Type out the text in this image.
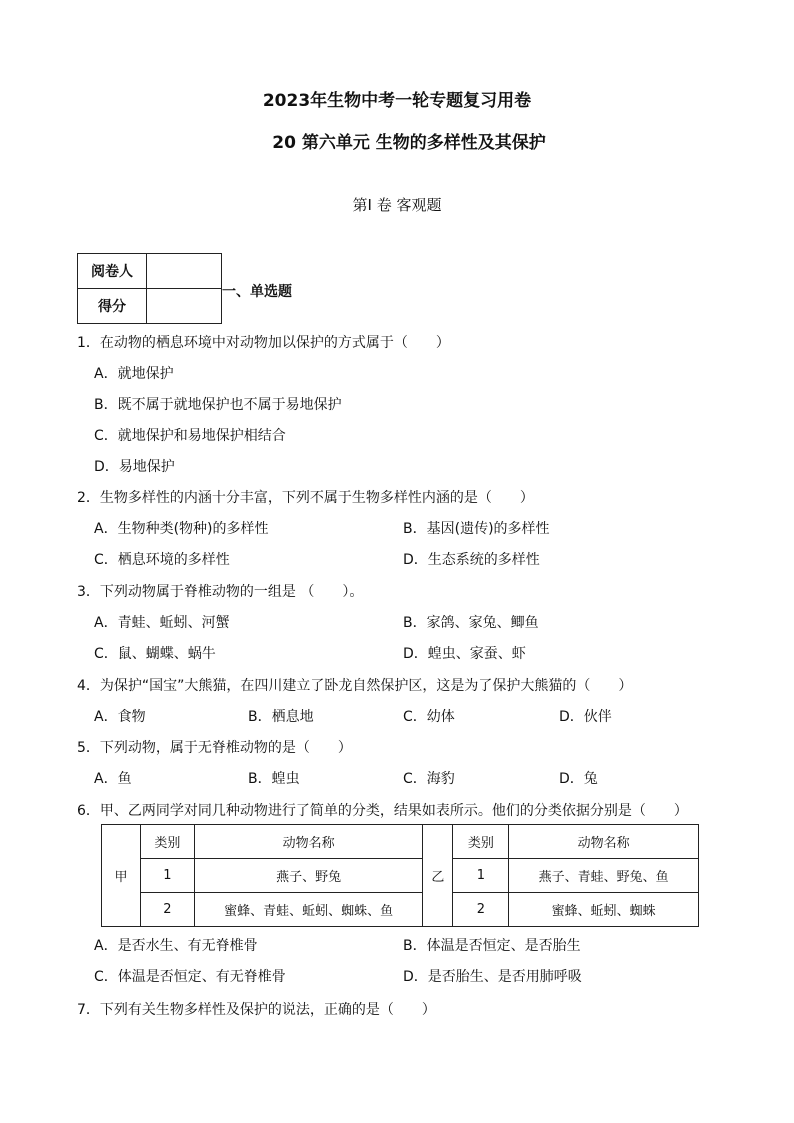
2023年生物中考一轮专题复习用卷
20 第六单元 生物的多样性及其保护
第I 卷 客观题
阅卷人	
得分	
一、单选题
1．在动物的栖息环境中对动物加以保护的方式属于（　　）
A．就地保护
B．既不属于就地保护也不属于易地保护
C．就地保护和易地保护相结合
D．易地保护
2．生物多样性的内涵十分丰富，下列不属于生物多样性内涵的是（　　）
A．生物种类(物种)的多样性	B．基因(遗传)的多样性
C．栖息环境的多样性	D．生态系统的多样性
3．下列动物属于脊椎动物的一组是 （　　）。
A．青蛙、蚯蚓、河蟹	B．家鸽、家兔、鲫鱼
C．鼠、蝴蝶、蜗牛	D．蝗虫、家蚕、虾
4．为保护“国宝”大熊猫，在四川建立了卧龙自然保护区，这是为了保护大熊猫的（　　）
A．食物	B．栖息地	C．幼体	D．伙伴
5．下列动物，属于无脊椎动物的是（　　）
A．鱼	B．蝗虫	C．海豹	D．兔
6．甲、乙两同学对同几种动物进行了简单的分类，结果如表所示。他们的分类依据分别是（　　）
甲	类别	动物名称	乙	类别	动物名称
	1	燕子、野兔		1	燕子、青蛙、野兔、鱼
	2	蜜蜂、青蛙、蚯蚓、蜘蛛、鱼		2	蜜蜂、蚯蚓、蜘蛛
A．是否水生、有无脊椎骨	B．体温是否恒定、是否胎生
C．体温是否恒定、有无脊椎骨	D．是否胎生、是否用肺呼吸
7．下列有关生物多样性及保护的说法，正确的是（　　）
